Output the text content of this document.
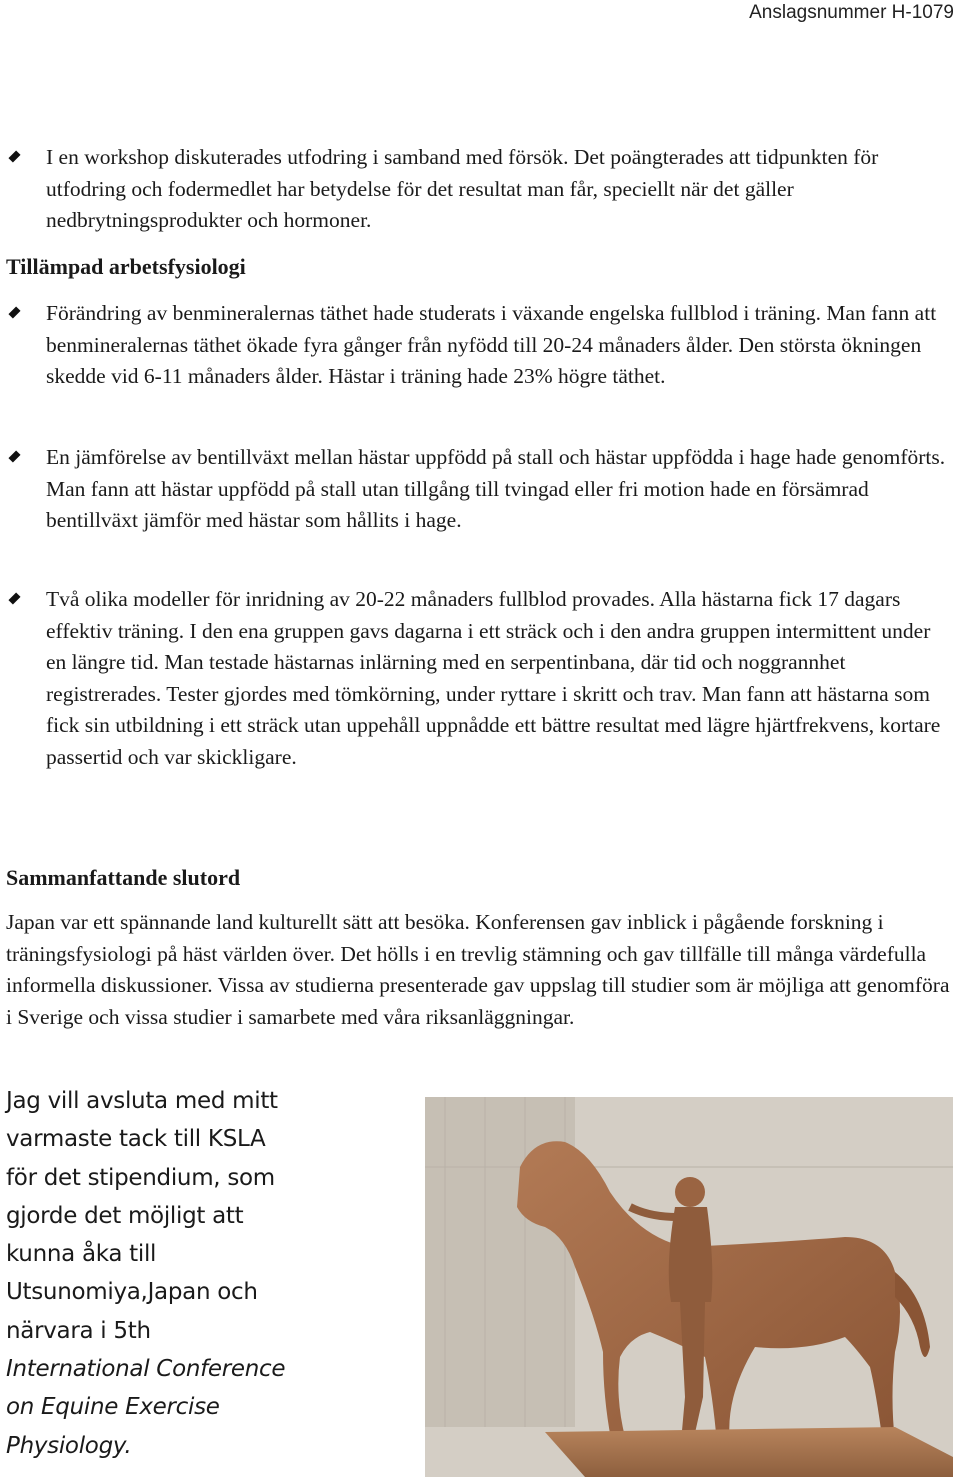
Anslagsnummer H-1079

I en workshop diskuterades utfodring i samband med försök. Det poängterades att tidpunkten för utfodring och fodermedlet har betydelse för det resultat man får, speciellt när det gäller nedbrytningsprodukter och hormoner.

Tillämpad arbetsfysiologi

Förändring av benmineralernas täthet hade studerats i växande engelska fullblod i träning. Man fann att benmineralernas täthet ökade fyra gånger från nyfödd till 20-24 månaders ålder. Den största ökningen skedde vid 6-11 månaders ålder. Hästar i träning hade 23% högre täthet.

En jämförelse av bentillväxt mellan hästar uppfödd på stall och hästar uppfödda i hage hade genomförts. Man fann att hästar uppfödd på stall utan tillgång till tvingad eller fri motion hade en försämrad bentillväxt jämför med hästar som hållits i hage.

Två olika modeller för inridning av 20-22 månaders fullblod provades. Alla hästarna fick 17 dagars effektiv träning. I den ena gruppen gavs dagarna i ett sträck och i den andra gruppen intermittent under en längre tid. Man testade hästarnas inlärning med en serpentinbana, där tid och noggrannhet registrerades. Tester gjordes med tömkörning, under ryttare i skritt och trav. Man fann att hästarna som fick sin utbildning i ett sträck utan uppehåll uppnådde ett bättre resultat med lägre hjärtfrekvens, kortare passertid och var skickligare.

Sammanfattande slutord

Japan var ett spännande land kulturellt sätt att besöka. Konferensen gav inblick i pågående forskning i träningsfysiologi på häst världen över. Det hölls i en trevlig stämning och gav tillfälle till många värdefulla informella diskussioner. Vissa av studierna presenterade gav uppslag till studier som är möjliga att genomföra i Sverige och vissa studier i samarbete med våra riksanläggningar.

Jag vill avsluta med mitt
varmaste tack till KSLA
för det stipendium, som
gjorde det möjligt att
kunna åka till
Utsunomiya,Japan och
närvara i 5th
International Conference
on Equine Exercise
Physiology.
